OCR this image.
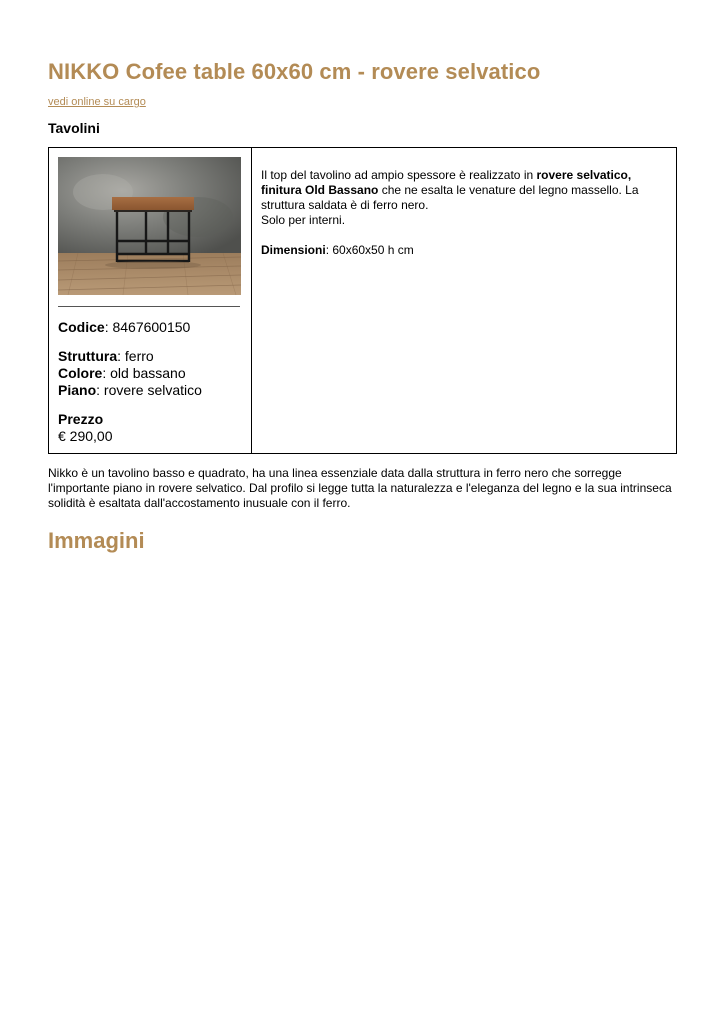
NIKKO Cofee table 60x60 cm - rovere selvatico
vedi online su cargo
Tavolini
Codice: 8467600150
Struttura: ferro
Colore: old bassano
Piano: rovere selvatico
Prezzo
€ 290,00

Il top del tavolino ad ampio spessore è realizzato in rovere selvatico, finitura Old Bassano che ne esalta le venature del legno massello. La struttura saldata è di ferro nero.
Solo per interni.

Dimensioni: 60x60x50 h cm

Nikko è un tavolino basso e quadrato, ha una linea essenziale data dalla struttura in ferro nero che sorregge l'importante piano in rovere selvatico. Dal profilo si legge tutta la naturalezza e l'eleganza del legno e la sua intrinseca solidità è esaltata dall'accostamento inusuale con il ferro.
Immagini
